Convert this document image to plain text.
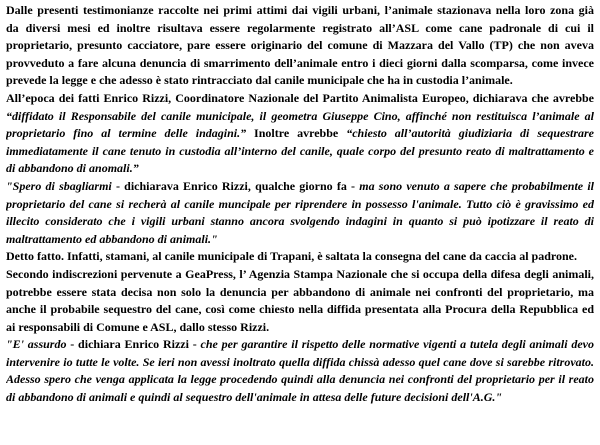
Dalle presenti testimonianze raccolte nei primi attimi dai vigili urbani, l’animale stazionava nella loro zona già

da diversi mesi ed inoltre risultava essere regolarmente registrato all’ASL come cane padronale di cui il

proprietario, presunto cacciatore, pare essere originario del comune di Mazzara del Vallo (TP) che non aveva

provveduto a fare alcuna denuncia di smarrimento dell’animale entro i dieci giorni dalla scomparsa, come invece

prevede la legge e che adesso è stato rintracciato dal canile municipale che ha in custodia l’animale.

All’epoca dei fatti Enrico Rizzi, Coordinatore Nazionale del Partito Animalista Europeo, dichiarava che avrebbe

“diffidato il Responsabile del canile municipale, il geometra Giuseppe Cino, affinché non restituisca l’animale al

proprietario fino al termine delle indagini.” Inoltre avrebbe “chiesto all’autorità giudiziaria di sequestrare

immediatamente il cane tenuto in custodia all’interno del canile, quale corpo del presunto reato di maltrattamento e

di abbandono di anomali.”

"Spero di sbagliarmi - dichiarava Enrico Rizzi, qualche giorno fa - ma sono venuto a sapere che probabilmente il

proprietario del cane si recherà al canile muncipale per riprendere in possesso l'animale. Tutto ciò è gravissimo ed

illecito considerato che i vigili urbani stanno ancora svolgendo indagini in quanto si può ipotizzare il reato di

maltrattamento ed abbandono di animali."

Detto fatto. Infatti, stamani, al canile municipale di Trapani, è saltata la consegna del cane da caccia al padrone.

Secondo indiscrezioni pervenute a GeaPress, l’ Agenzia Stampa Nazionale che si occupa della difesa degli animali,

potrebbe essere stata decisa non solo la denuncia per abbandono di animale nei confronti del proprietario, ma

anche il probabile sequestro del cane, così come chiesto nella diffida presentata alla Procura della Repubblica ed

ai responsabili di Comune e ASL, dallo stesso Rizzi.

"E' assurdo - dichiara Enrico Rizzi - che per garantire il rispetto delle normative vigenti a tutela degli animali devo

intervenire io tutte le volte. Se ieri non avessi inoltrato quella diffida chissà adesso quel cane dove si sarebbe ritrovato.

Adesso spero che venga applicata la legge procedendo quindi alla denuncia nei confronti del proprietario per il reato

di abbandono di animali e quindi al sequestro dell'animale in attesa delle future decisioni dell'A.G."
